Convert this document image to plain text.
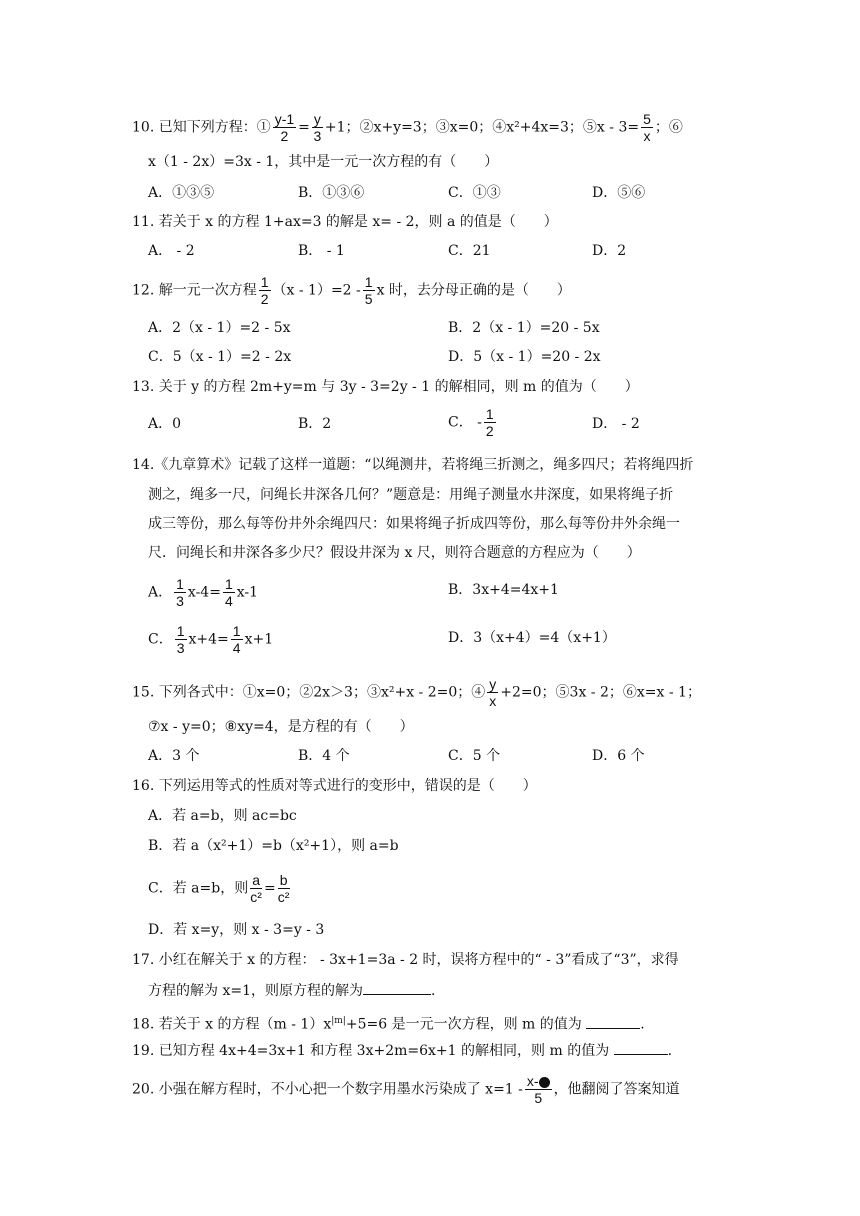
10. 已知下列方程：① $\frac{y-1}{2} = \frac{y}{3} +1$；②x+y=3；③x=0；④x²+4x=3；⑤x - $3= \frac{5}{x}$ ；⑥
x（1 - 2x）=3x - 1，其中是一元一次方程的有（　　）
A．①③⑤	B．①③⑥	C．①③	D．⑤⑥
11. 若关于 x 的方程 1+ax=3 的解是 x= - 2，则 a 的值是（　　）
A． - 2	B． - 1	C．21	D．2
12. 解一元一次方程 $\frac{1}{2} (x - 1)=2 - \frac{1}{5}$ x 时，去分母正确的是（　　）
A．2（x - 1）=2 - 5x	B．2（x - 1）=20 - 5x
C．5（x - 1）=2 - 2x	D．5（x - 1）=20 - 2x
13. 关于 y 的方程 2m+y=m 与 3y - 3=2y - 1 的解相同，则 m 的值为（　　）
A．0	B．2	C． - $\frac{1}{2}$	D． - 2
14.《九章算术》记载了这样一道题：“以绳测井，若将绳三折测之，绳多四尺；若将绳四折
测之，绳多一尺，问绳长井深各几何？”题意是：用绳子测量水井深度，如果将绳子折
成三等份，那么每等份井外余绳四尺：如果将绳子折成四等份，那么每等份井外余绳一
尺．问绳长和井深各多少尺？假设井深为 x 尺，则符合题意的方程应为（　　）
A． $\frac{1}{3} x-4= \frac{1}{4} x-1$	B．3x+4=4x+1
C． $\frac{1}{3} x+4= \frac{1}{4} x+1$	D．3（x+4）=4（x+1）
15. 下列各式中：①x=0；②2x＞3；③x²+x - 2=0；④ $\frac{y}{x} +2=0$；⑤3x - 2；⑥x=x - 1；
⑦x - y=0；⑧xy=4，是方程的有（　　）
A．3 个	B．4 个	C．5 个	D．6 个
16. 下列运用等式的性质对等式进行的变形中，错误的是（　　）
A．若 a=b，则 ac=bc
B．若 a（x²+1）=b（x²+1），则 a=b
C．若 a=b，则 $\frac{a}{\text{c²}} = \frac{b}{\text{c²}}$
D．若 x=y，则 x - 3=y - 3
17. 小红在解关于 x 的方程： - 3x+1=3a - 2 时，误将方程中的“ - 3”看成了“3”，求得
方程的解为 x=1，则原方程的解为	.
18. 若关于 x 的方程$(m - 1)x^{|m|}+5=6$ 是一元一次方程，则 m 的值为	.
19. 已知方程 4x+4=3x+1 和方程 3x+2m=6x+1 的解相同，则 m 的值为	.
20. 小强在解方程时，不小心把一个数字用墨水污染成了 $x=1 - \frac{x-}{5}$ ，他翻阅了答案知道
